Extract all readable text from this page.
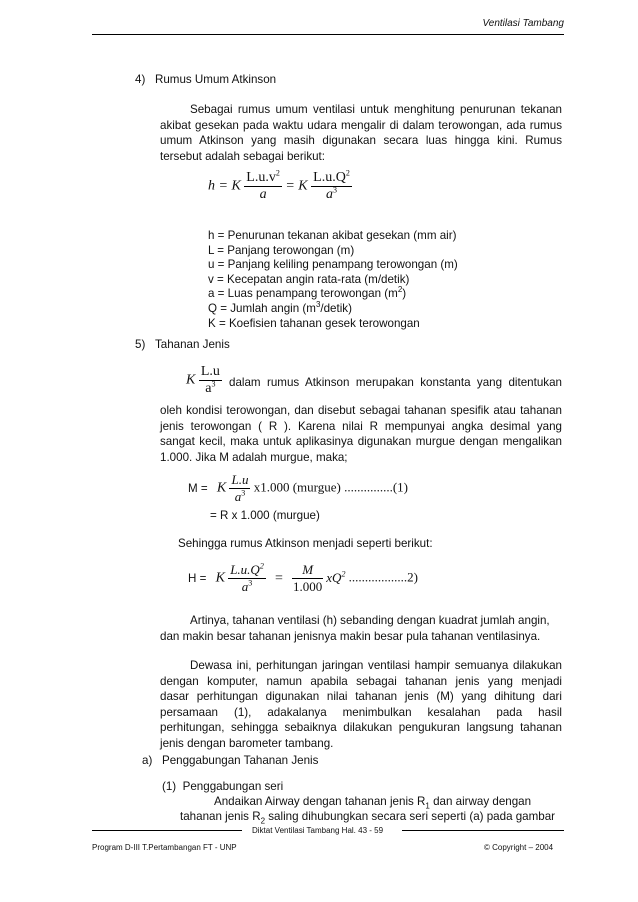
Ventilasi Tambang
4)   Rumus Umum Atkinson
Sebagai rumus umum ventilasi untuk menghitung penurunan tekanan
akibat gesekan pada waktu udara mengalir di dalam terowongan, ada rumus
umum Atkinson yang masih digunakan secara luas hingga kini. Rumus
tersebut adalah sebagai berikut:
h = K $\frac{L.u.v^2}{a} = K \frac{L.u.Q^2}{a^3}$
h = Penurunan tekanan akibat gesekan (mm air)
L = Panjang terowongan (m)
u = Panjang keliling penampang terowongan (m)
v = Kecepatan angin rata-rata (m/detik)
a = Luas penampang terowongan $(m^2)$
Q = Jumlah angin $(m^3/detik)$
K = Koefisien tahanan gesek terowongan
5)   Tahanan Jenis
K $\frac{L.u}{a^3}$ dalam rumus Atkinson merupakan konstanta yang ditentukan
oleh kondisi terowongan, dan disebut sebagai tahanan spesifik atau tahanan
jenis terowongan ( R ). Karena nilai R mempunyai angka desimal yang
sangat kecil, maka untuk aplikasinya digunakan murgue dengan mengalikan
1.000. Jika M adalah murgue, maka;
M = K $\frac{L.u}{a^3} x1.000$ (murgue) ...............(1)
= R x 1.000 (murgue)
Sehingga rumus Atkinson menjadi seperti berikut:
H = K $\frac{L.u.Q^2}{a^3} = \frac{M}{1.000} xQ^2$ ..................2)
Artinya, tahanan ventilasi (h) sebanding dengan kuadrat jumlah angin,
dan makin besar tahanan jenisnya makin besar pula tahanan ventilasinya.
Dewasa ini, perhitungan jaringan ventilasi hampir semuanya dilakukan
dengan komputer, namun apabila sebagai tahanan jenis yang menjadi
dasar perhitungan digunakan nilai tahanan jenis (M) yang dihitung dari
persamaan (1), adakalanya menimbulkan kesalahan pada hasil
perhitungan, sehingga sebaiknya dilakukan pengukuran langsung tahanan
jenis dengan barometer tambang.
a)   Penggabungan Tahanan Jenis
(1)  Penggabungan seri
Andaikan Airway dengan tahanan jenis $R_1$ dan airway dengan
tahanan jenis $R_2$ saling dihubungkan secara seri seperti (a) pada gambar
Diktat Ventilasi Tambang Hal. 43 - 59
Program D-III T.Pertambangan FT - UNP	© Copyright – 2004
